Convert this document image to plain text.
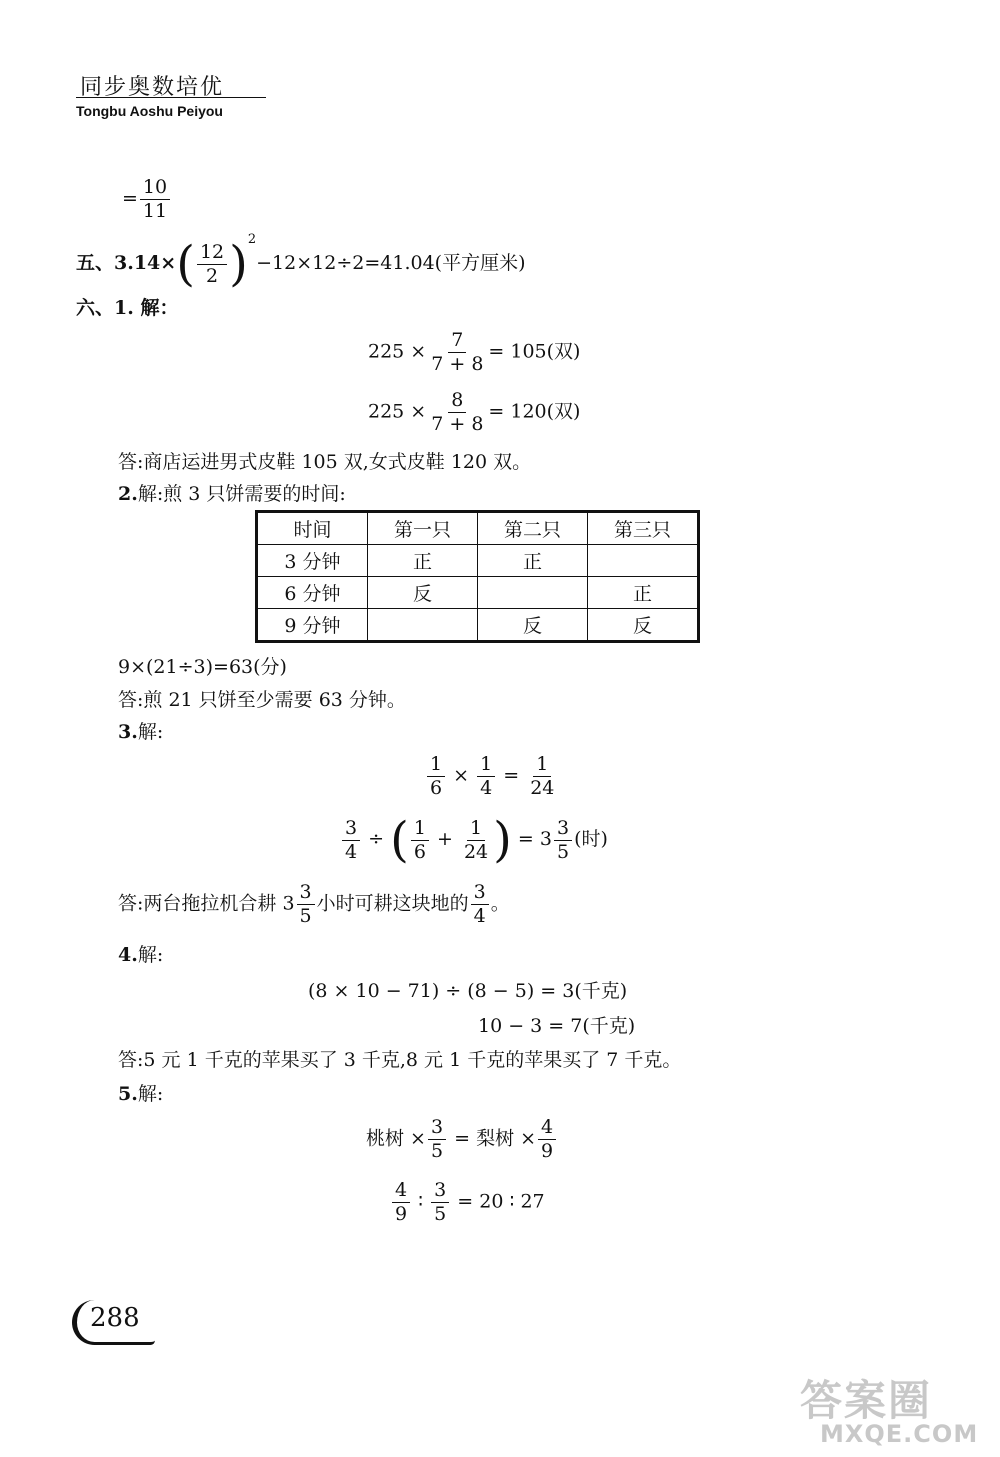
同步奥数培优
Tongbu Aoshu Peiyou
= $\frac{10}{11}$
五、$3.14\times( \frac{12}{2} )^2-12\times 12\div 2=41.04$(平方厘米)
六、1. 解：
$225 \times \frac{7}{7 + 8} = 105$(双)
$225 \times \frac{8}{7 + 8} = 120$(双)
答:商店运进男式皮鞋 105 双,女式皮鞋 120 双。
2.解:煎 3 只饼需要的时间:
时间	第一只	第二只	第三只
3 分钟	正	正	
6 分钟	反		正
9 分钟		反	反
9×(21÷3)=63(分)
答:煎 21 只饼至少需要 63 分钟。
3.解:
$\frac{1}{6} \times \frac{1}{4} = \frac{1}{24}$
$\frac{3}{4}$ ÷ ( $\frac{1}{6} + \frac{1}{24}$ ) = $3 \frac{3}{5}$ (时)
答:两台拖拉机合耕 $3 \frac{3}{5}$ 小时可耕这块地的 $\frac{3}{4}$ 。
4.解:
(8 × 10 − 71) ÷ (8 − 5) = 3(千克)
10 − 3 = 7(千克)
答:5 元 1 千克的苹果买了 3 千克,8 元 1 千克的苹果买了 7 千克。
5.解:
桃树 × $\frac{3}{5}$ = 梨树 × $\frac{4}{9}$
$\frac{4}{9}$ ∶ $\frac{3}{5} = 20$ ∶ 27
288
答案圈
MXQE.COM
